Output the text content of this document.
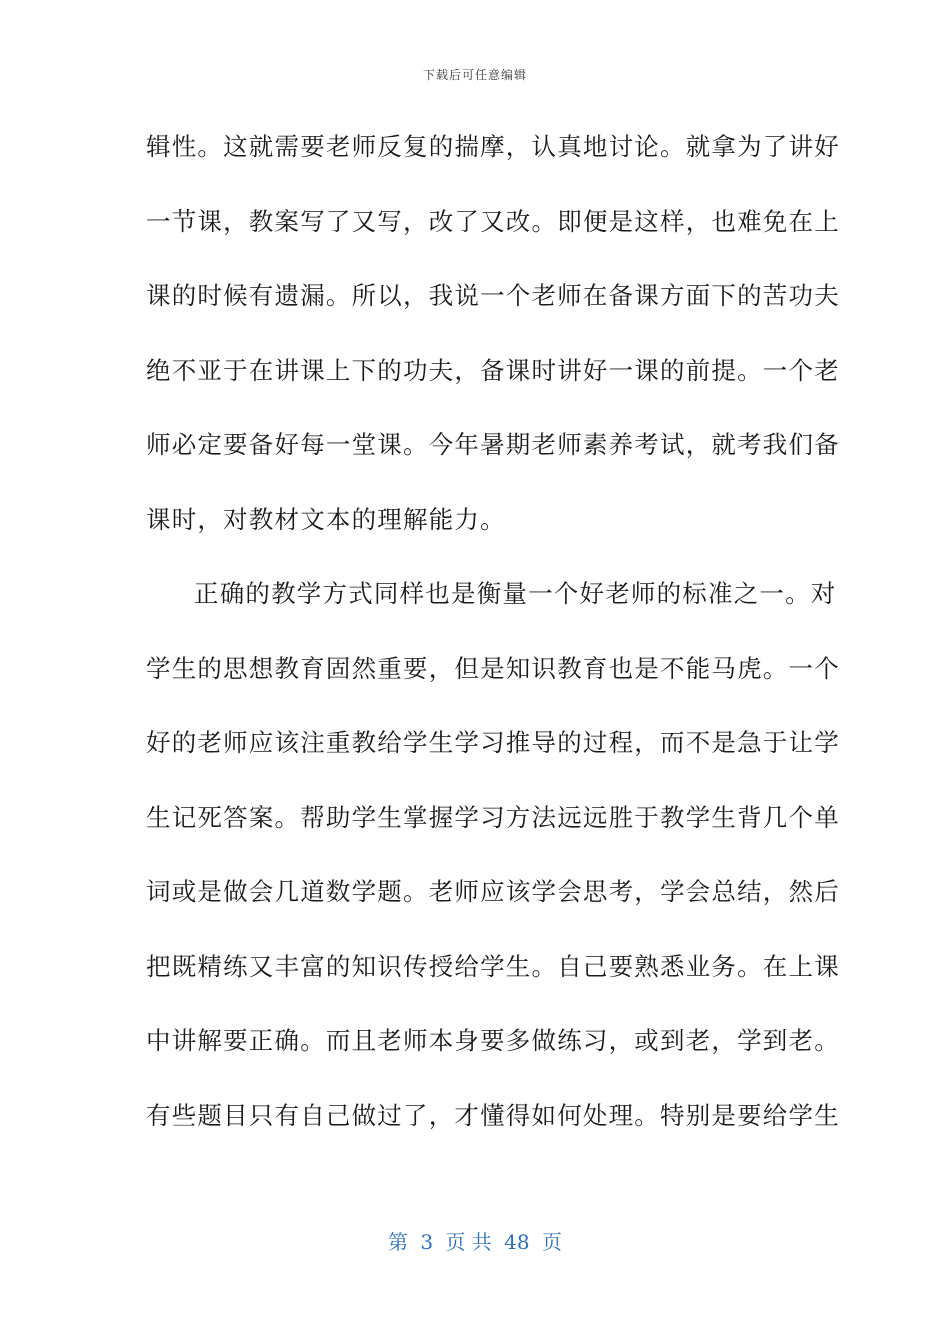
下载后可任意编辑
辑性。这就需要老师反复的揣摩，认真地讨论。就拿为了讲好
一节课，教案写了又写，改了又改。即便是这样，也难免在上
课的时候有遗漏。所以，我说一个老师在备课方面下的苦功夫
绝不亚于在讲课上下的功夫，备课时讲好一课的前提。一个老
师必定要备好每一堂课。今年暑期老师素养考试，就考我们备
课时，对教材文本的理解能力。
正确的教学方式同样也是衡量一个好老师的标准之一。对
学生的思想教育固然重要，但是知识教育也是不能马虎。一个
好的老师应该注重教给学生学习推导的过程，而不是急于让学
生记死答案。帮助学生掌握学习方法远远胜于教学生背几个单
词或是做会几道数学题。老师应该学会思考，学会总结，然后
把既精练又丰富的知识传授给学生。自己要熟悉业务。在上课
中讲解要正确。而且老师本身要多做练习，或到老，学到老。
有些题目只有自己做过了，才懂得如何处理。特别是要给学生
第 3 页 共 48 页
